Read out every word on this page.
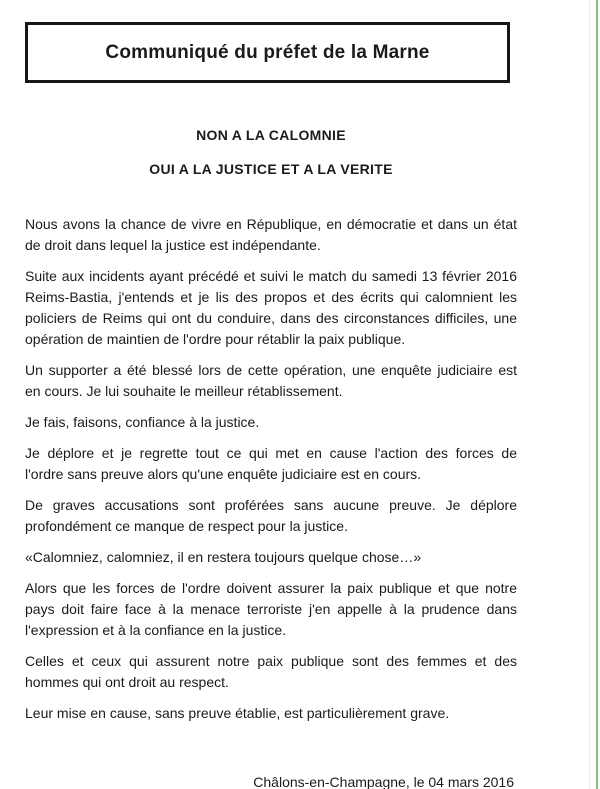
Communiqué du préfet de la Marne
NON A LA CALOMNIE
OUI A LA JUSTICE ET A LA VERITE
Nous avons la chance de vivre en République, en démocratie et dans un état
de droit dans lequel la justice est indépendante.
Suite aux incidents ayant précédé et suivi le match du samedi 13 février 2016
Reims-Bastia, j'entends et je lis des propos et des écrits qui calomnient les
policiers de Reims qui ont du conduire, dans des circonstances difficiles, une
opération de maintien de l'ordre pour rétablir la paix publique.
Un supporter a été blessé lors de cette opération, une enquête judiciaire est
en cours. Je lui souhaite le meilleur rétablissement.
Je fais, faisons, confiance à la justice.
Je déplore et je regrette tout ce qui met en cause l'action des forces de
l'ordre sans preuve alors qu'une enquête judiciaire est en cours.
De graves accusations sont proférées sans aucune preuve. Je déplore
profondément ce manque de respect pour la justice.
«Calomniez, calomniez, il en restera toujours quelque chose…»
Alors que les forces de l'ordre doivent assurer la paix publique et que notre
pays doit faire face à la menace terroriste j'en appelle à la prudence dans
l'expression et à la confiance en la justice.
Celles et ceux qui assurent notre paix publique sont des femmes et des
hommes qui ont droit au respect.
Leur mise en cause, sans preuve établie, est particulièrement grave.
Châlons-en-Champagne, le 04 mars 2016
